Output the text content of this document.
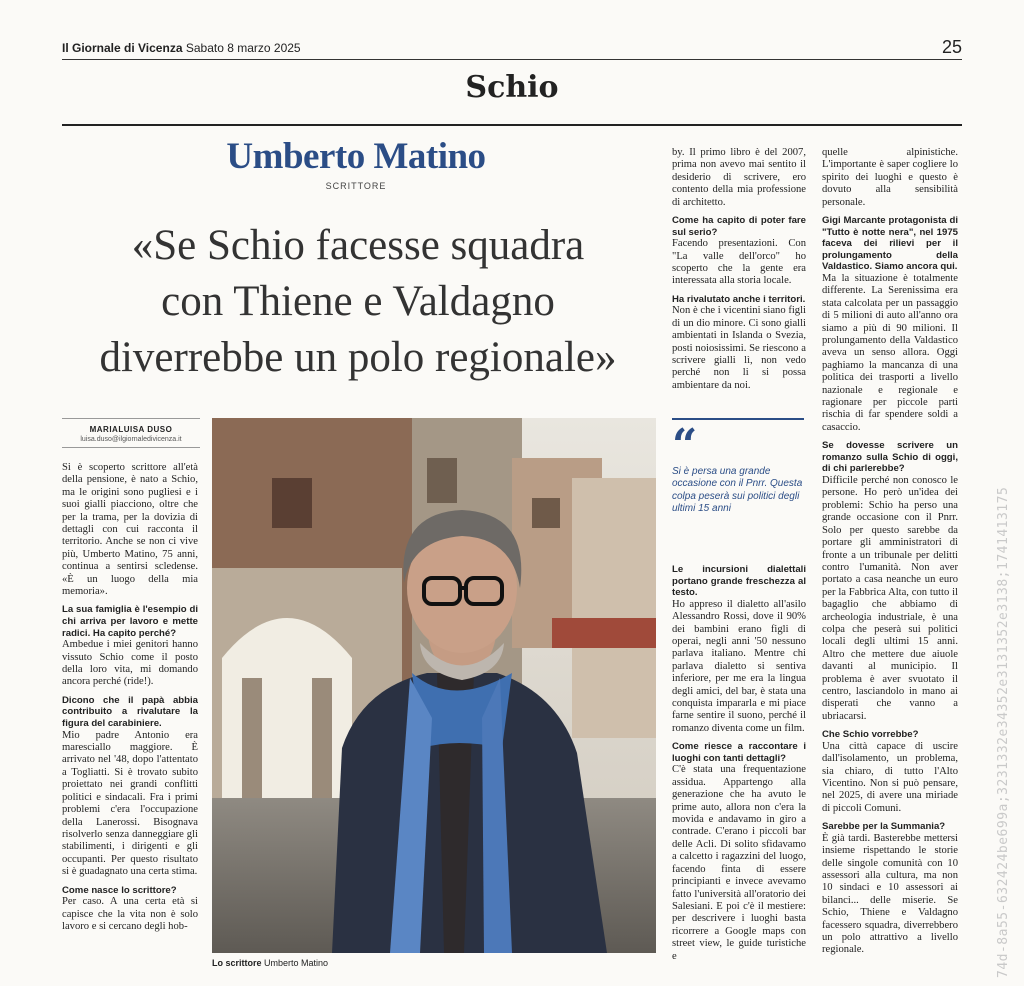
Il Giornale di Vicenza Sabato 8 marzo 2025	25
Schio
Umberto Matino
SCRITTORE
«Se Schio facesse squadra
con Thiene e Valdagno
diverrebbe un polo regionale»
MARIALUISA DUSO
luisa.duso@ilgiornaledivicenza.it

Si è scoperto scrittore all'età della pensione, è nato a Schio, ma le origini sono pugliesi e i suoi gialli piacciono, oltre che per la trama, per la dovizia di dettagli con cui racconta il territorio. Anche se non ci vive più, Umberto Matino, 75 anni, continua a sentirsi scledense. «È un luogo della mia memoria».

La sua famiglia è l'esempio di chi arriva per lavoro e mette radici. Ha capito perché?

Ambedue i miei genitori hanno vissuto Schio come il posto della loro vita, mi domando ancora perché (ride!).

Dicono che il papà abbia contribuito a rivalutare la figura del carabiniere.

Mio padre Antonio era maresciallo maggiore. È arrivato nel '48, dopo l'attentato a Togliatti. Si è trovato subito proiettato nei grandi conflitti politici e sindacali. Fra i primi problemi c'era l'occupazione della Lanerossi. Bisognava risolverlo senza danneggiare gli stabilimenti, i dirigenti e gli occupanti. Per questo risultato si è guadagnato una certa stima.

Come nasce lo scrittore?

Per caso. A una certa età si capisce che la vita non è solo lavoro e si cercano degli hob-

by. Il primo libro è del 2007, prima non avevo mai sentito il desiderio di scrivere, ero contento della mia professione di architetto.

Come ha capito di poter fare sul serio?

Facendo presentazioni. Con "La valle dell'orco" ho scoperto che la gente era interessata alla storia locale.

Ha rivalutato anche i territori.

Non è che i vicentini siano figli di un dio minore. Ci sono gialli ambientati in Islanda o Svezia, posti noiosissimi. Se riescono a scrivere gialli lì, non vedo perché non li si possa ambientare da noi.

“
Si è persa una grande occasione con il Pnrr. Questa colpa peserà sui politici degli ultimi 15 anni
Le incursioni dialettali portano grande freschezza al testo.

Ho appreso il dialetto all'asilo Alessandro Rossi, dove il 90% dei bambini erano figli di operai, negli anni '50 nessuno parlava italiano. Mentre chi parlava dialetto si sentiva inferiore, per me era la lingua degli amici, del bar, è stata una conquista impararla e mi piace farne sentire il suono, perché il romanzo diventa come un film.

Come riesce a raccontare i luoghi con tanti dettagli?

C'è stata una frequentazione assidua. Appartengo alla generazione che ha avuto le prime auto, allora non c'era la movida e andavamo in giro a contrade. C'erano i piccoli bar delle Acli. Di solito sfidavamo a calcetto i ragazzini del luogo, facendo finta di essere principianti e invece avevamo fatto l'università all'oratorio dei Salesiani. E poi c'è il mestiere: per descrivere i luoghi basta ricorrere a Google maps con street view, le guide turistiche e

quelle alpinistiche. L'importante è saper cogliere lo spirito dei luoghi e questo è dovuto alla sensibilità personale.

Gigi Marcante protagonista di "Tutto è notte nera", nel 1975 faceva dei rilievi per il prolungamento della Valdastico. Siamo ancora qui.

Ma la situazione è totalmente differente. La Serenissima era stata calcolata per un passaggio di 5 milioni di auto all'anno ora siamo a più di 90 milioni. Il prolungamento della Valdastico aveva un senso allora. Oggi paghiamo la mancanza di una politica dei trasporti a livello nazionale e regionale e ragionare per piccole parti rischia di far spendere soldi a casaccio.

Se dovesse scrivere un romanzo sulla Schio di oggi, di chi parlerebbe?

Difficile perché non conosco le persone. Ho però un'idea dei problemi: Schio ha perso una grande occasione con il Pnrr. Solo per questo sarebbe da portare gli amministratori di fronte a un tribunale per delitti contro l'umanità. Non aver portato a casa neanche un euro per la Fabbrica Alta, con tutto il bagaglio che abbiamo di archeologia industriale, è una colpa che peserà sui politici locali degli ultimi 15 anni. Altro che mettere due aiuole davanti al municipio. Il problema è aver svuotato il centro, lasciandolo in mano ai disperati che vanno a ubriacarsi.

Che Schio vorrebbe?

Una città capace di uscire dall'isolamento, un problema, sia chiaro, di tutto l'Alto Vicentino. Non si può pensare, nel 2025, di avere una miriade di piccoli Comuni.

Sarebbe per la Summania?

È già tardi. Basterebbe mettersi insieme rispettando le storie delle singole comunità con 10 assessori alla cultura, ma non 10 sindaci e 10 assessori ai bilanci... delle miserie. Se Schio, Thiene e Valdagno facessero squadra, diverrebbero un polo attrattivo a livello regionale.

Lo scrittore Umberto Matino	74d-8a55-632424be699a;3231332e34352e3131352e3138;1741413175
